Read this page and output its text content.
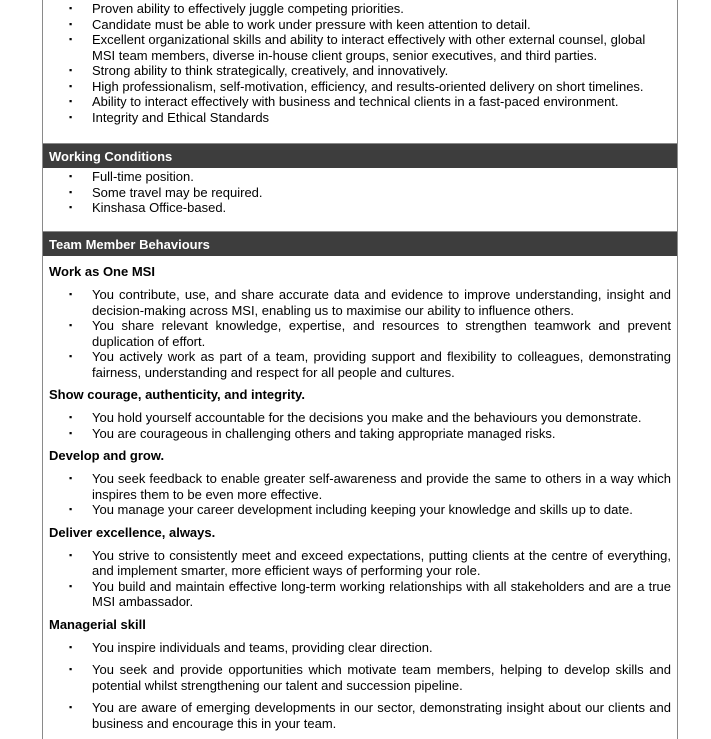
▪ Proven ability to effectively juggle competing priorities.
▪ Candidate must be able to work under pressure with keen attention to detail.
▪ Excellent organizational skills and ability to interact effectively with other external counsel, global MSI team members, diverse in-house client groups, senior executives, and third parties.
▪ Strong ability to think strategically, creatively, and innovatively.
▪ High professionalism, self-motivation, efficiency, and results-oriented delivery on short timelines.
▪ Ability to interact effectively with business and technical clients in a fast-paced environment.
▪ Integrity and Ethical Standards
Working Conditions
▪ Full-time position.
▪ Some travel may be required.
▪ Kinshasa Office-based.
Team Member Behaviours
Work as One MSI
▪ You contribute, use, and share accurate data and evidence to improve understanding, insight and decision-making across MSI, enabling us to maximise our ability to influence others.
▪ You share relevant knowledge, expertise, and resources to strengthen teamwork and prevent duplication of effort.
▪ You actively work as part of a team, providing support and flexibility to colleagues, demonstrating fairness, understanding and respect for all people and cultures.
Show courage, authenticity, and integrity.
▪ You hold yourself accountable for the decisions you make and the behaviours you demonstrate.
▪ You are courageous in challenging others and taking appropriate managed risks.
Develop and grow.
▪ You seek feedback to enable greater self-awareness and provide the same to others in a way which inspires them to be even more effective.
▪ You manage your career development including keeping your knowledge and skills up to date.
Deliver excellence, always.
▪ You strive to consistently meet and exceed expectations, putting clients at the centre of everything, and implement smarter, more efficient ways of performing your role.
▪ You build and maintain effective long-term working relationships with all stakeholders and are a true MSI ambassador.
Managerial skill
▪ You inspire individuals and teams, providing clear direction.
▪ You seek and provide opportunities which motivate team members, helping to develop skills and potential whilst strengthening our talent and succession pipeline.
▪ You are aware of emerging developments in our sector, demonstrating insight about our clients and business and encourage this in your team.
